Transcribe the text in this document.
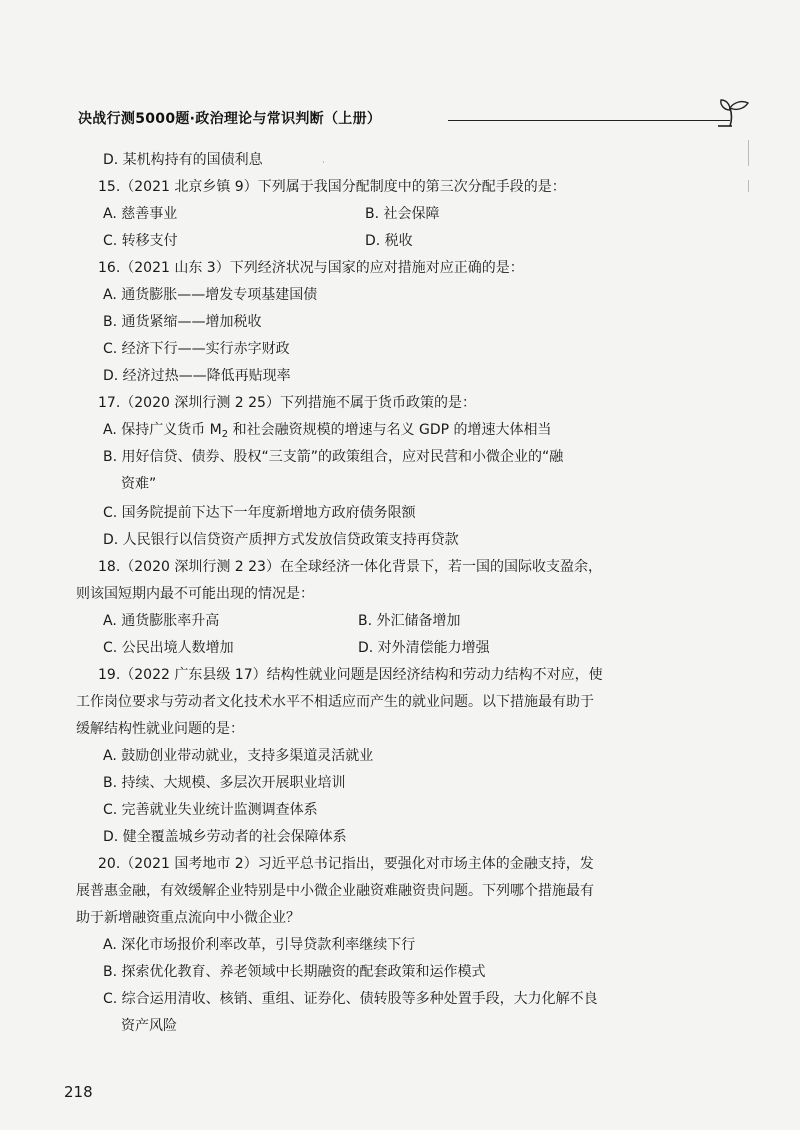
决战行测5000题·政治理论与常识判断（上册）
ᐧ
D. 某机构持有的国债利息
15.（2021 北京乡镇 9）下列属于我国分配制度中的第三次分配手段的是：
A. 慈善事业	B. 社会保障
C. 转移支付	D. 税收
16.（2021 山东 3）下列经济状况与国家的应对措施对应正确的是：
A. 通货膨胀——增发专项基建国债
B. 通货紧缩——增加税收
C. 经济下行——实行赤字财政
D. 经济过热——降低再贴现率
17.（2020 深圳行测 2 25）下列措施不属于货币政策的是：
A. 保持广义货币 $M_2$ 和社会融资规模的增速与名义 GDP 的增速大体相当
B. 用好信贷、债券、股权“三支箭”的政策组合，应对民营和小微企业的“融
资难”
C. 国务院提前下达下一年度新增地方政府债务限额
D. 人民银行以信贷资产质押方式发放信贷政策支持再贷款
18.（2020 深圳行测 2 23）在全球经济一体化背景下，若一国的国际收支盈余，
则该国短期内最不可能出现的情况是：
A. 通货膨胀率升高	B. 外汇储备增加
C. 公民出境人数增加	D. 对外清偿能力增强
19.（2022 广东县级 17）结构性就业问题是因经济结构和劳动力结构不对应，使
工作岗位要求与劳动者文化技术水平不相适应而产生的就业问题。以下措施最有助于
缓解结构性就业问题的是：
A. 鼓励创业带动就业，支持多渠道灵活就业
B. 持续、大规模、多层次开展职业培训
C. 完善就业失业统计监测调查体系
D. 健全覆盖城乡劳动者的社会保障体系
20.（2021 国考地市 2）习近平总书记指出，要强化对市场主体的金融支持，发
展普惠金融，有效缓解企业特别是中小微企业融资难融资贵问题。下列哪个措施最有
助于新增融资重点流向中小微企业？
A. 深化市场报价利率改革，引导贷款利率继续下行
B. 探索优化教育、养老领域中长期融资的配套政策和运作模式
C. 综合运用清收、核销、重组、证券化、债转股等多种处置手段，大力化解不良
资产风险
218
